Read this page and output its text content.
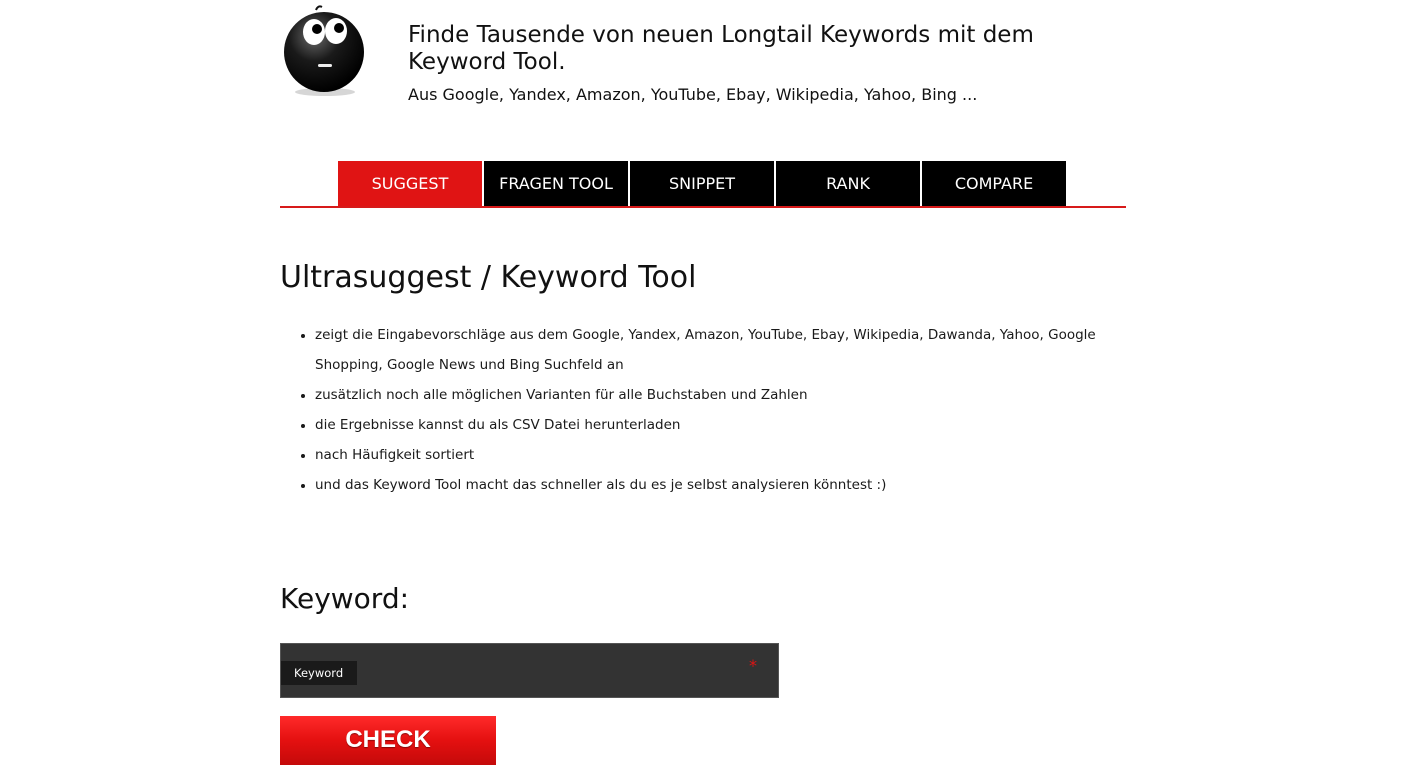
Finde Tausende von neuen Longtail Keywords mit dem Keyword Tool.
Aus Google, Yandex, Amazon, YouTube, Ebay, Wikipedia, Yahoo, Bing ...
SUGGEST	FRAGEN TOOL	SNIPPET	RANK	COMPARE
Ultrasuggest / Keyword Tool
• zeigt die Eingabevorschläge aus dem Google, Yandex, Amazon, YouTube, Ebay, Wikipedia, Dawanda, Yahoo, Google Shopping, Google News und Bing Suchfeld an
• zusätzlich noch alle möglichen Varianten für alle Buchstaben und Zahlen
• die Ergebnisse kannst du als CSV Datei herunterladen
• nach Häufigkeit sortiert
• und das Keyword Tool macht das schneller als du es je selbst analysieren könntest :)
Keyword:
Keyword	*
CHECK
